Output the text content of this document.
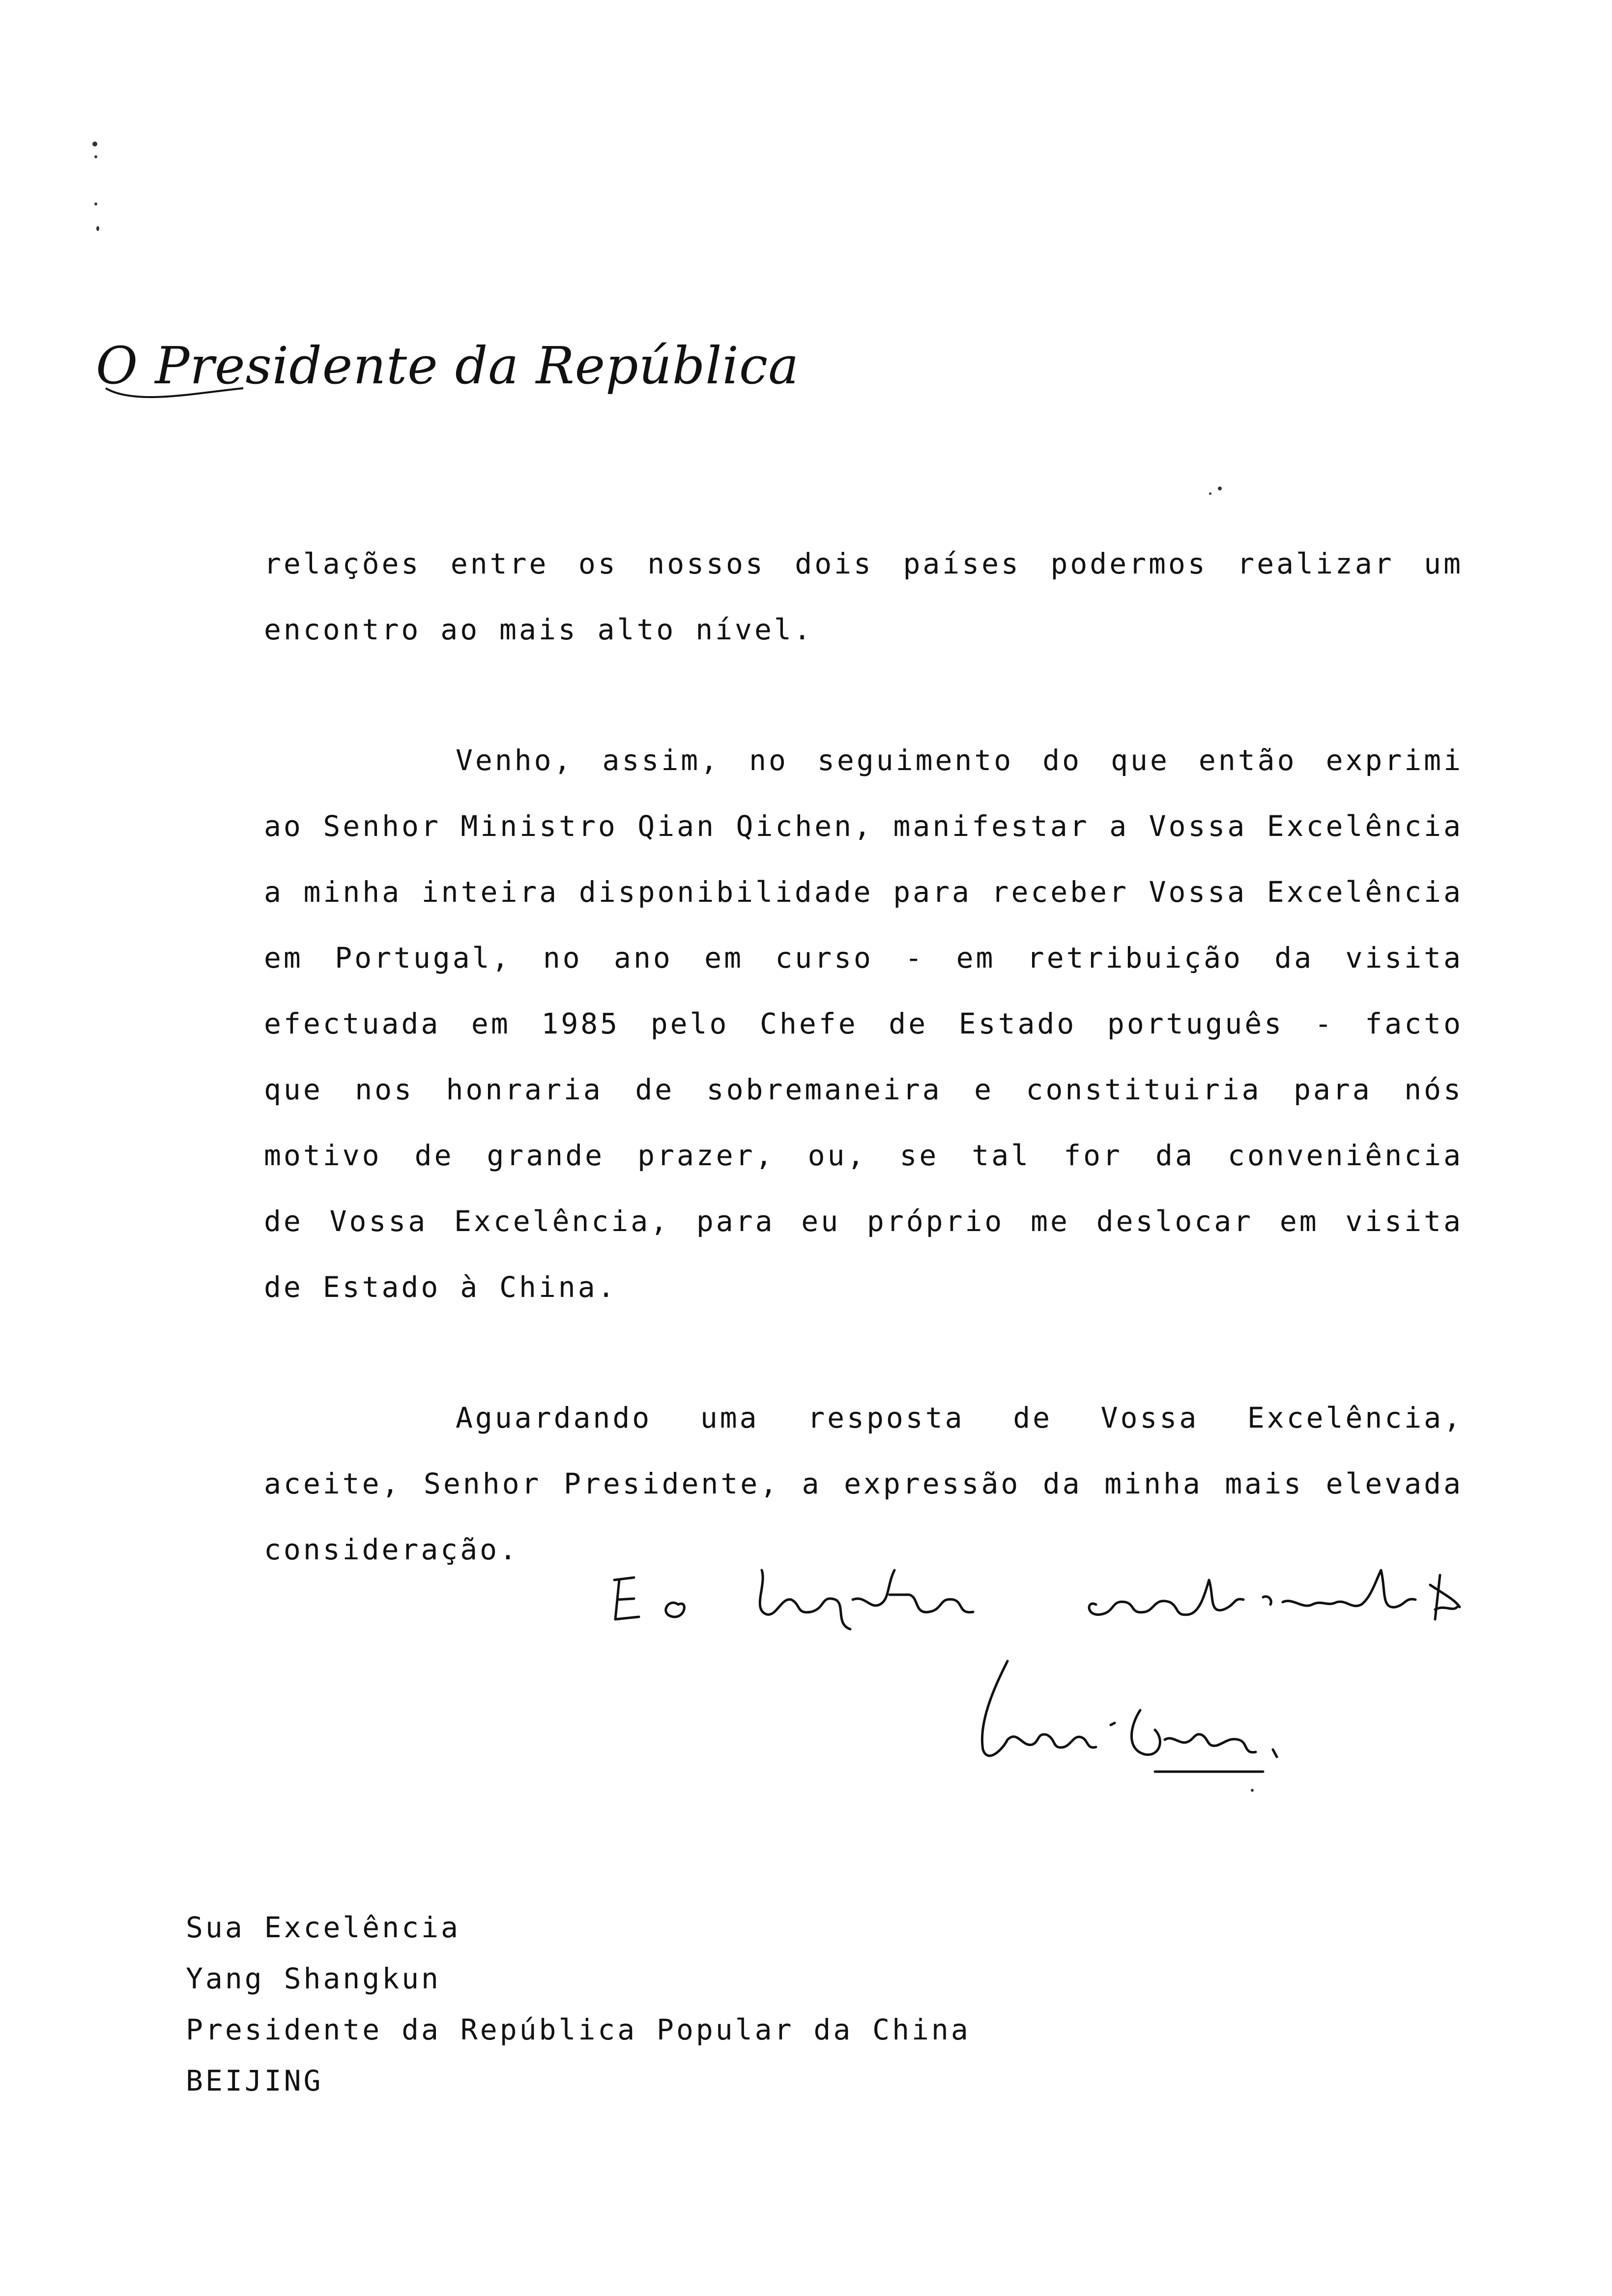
O Presidente da República
relações entre os nossos dois países podermos realizar um
encontro ao mais alto nível.
Venho, assim, no seguimento do que então exprimi
ao Senhor Ministro Qian Qichen, manifestar a Vossa Excelência
a minha inteira disponibilidade para receber Vossa Excelência
em Portugal, no ano em curso - em retribuição da visita
efectuada em 1985 pelo Chefe de Estado português - facto
que nos honraria de sobremaneira e constituiria para nós
motivo de grande prazer, ou, se tal for da conveniência
de Vossa Excelência, para eu próprio me deslocar em visita
de Estado à China.
Aguardando uma resposta de Vossa Excelência,
aceite, Senhor Presidente, a expressão da minha mais elevada
consideração.
Mário Soares
Sua Excelência
Yang Shangkun
Presidente da República Popular da China
BEIJING
